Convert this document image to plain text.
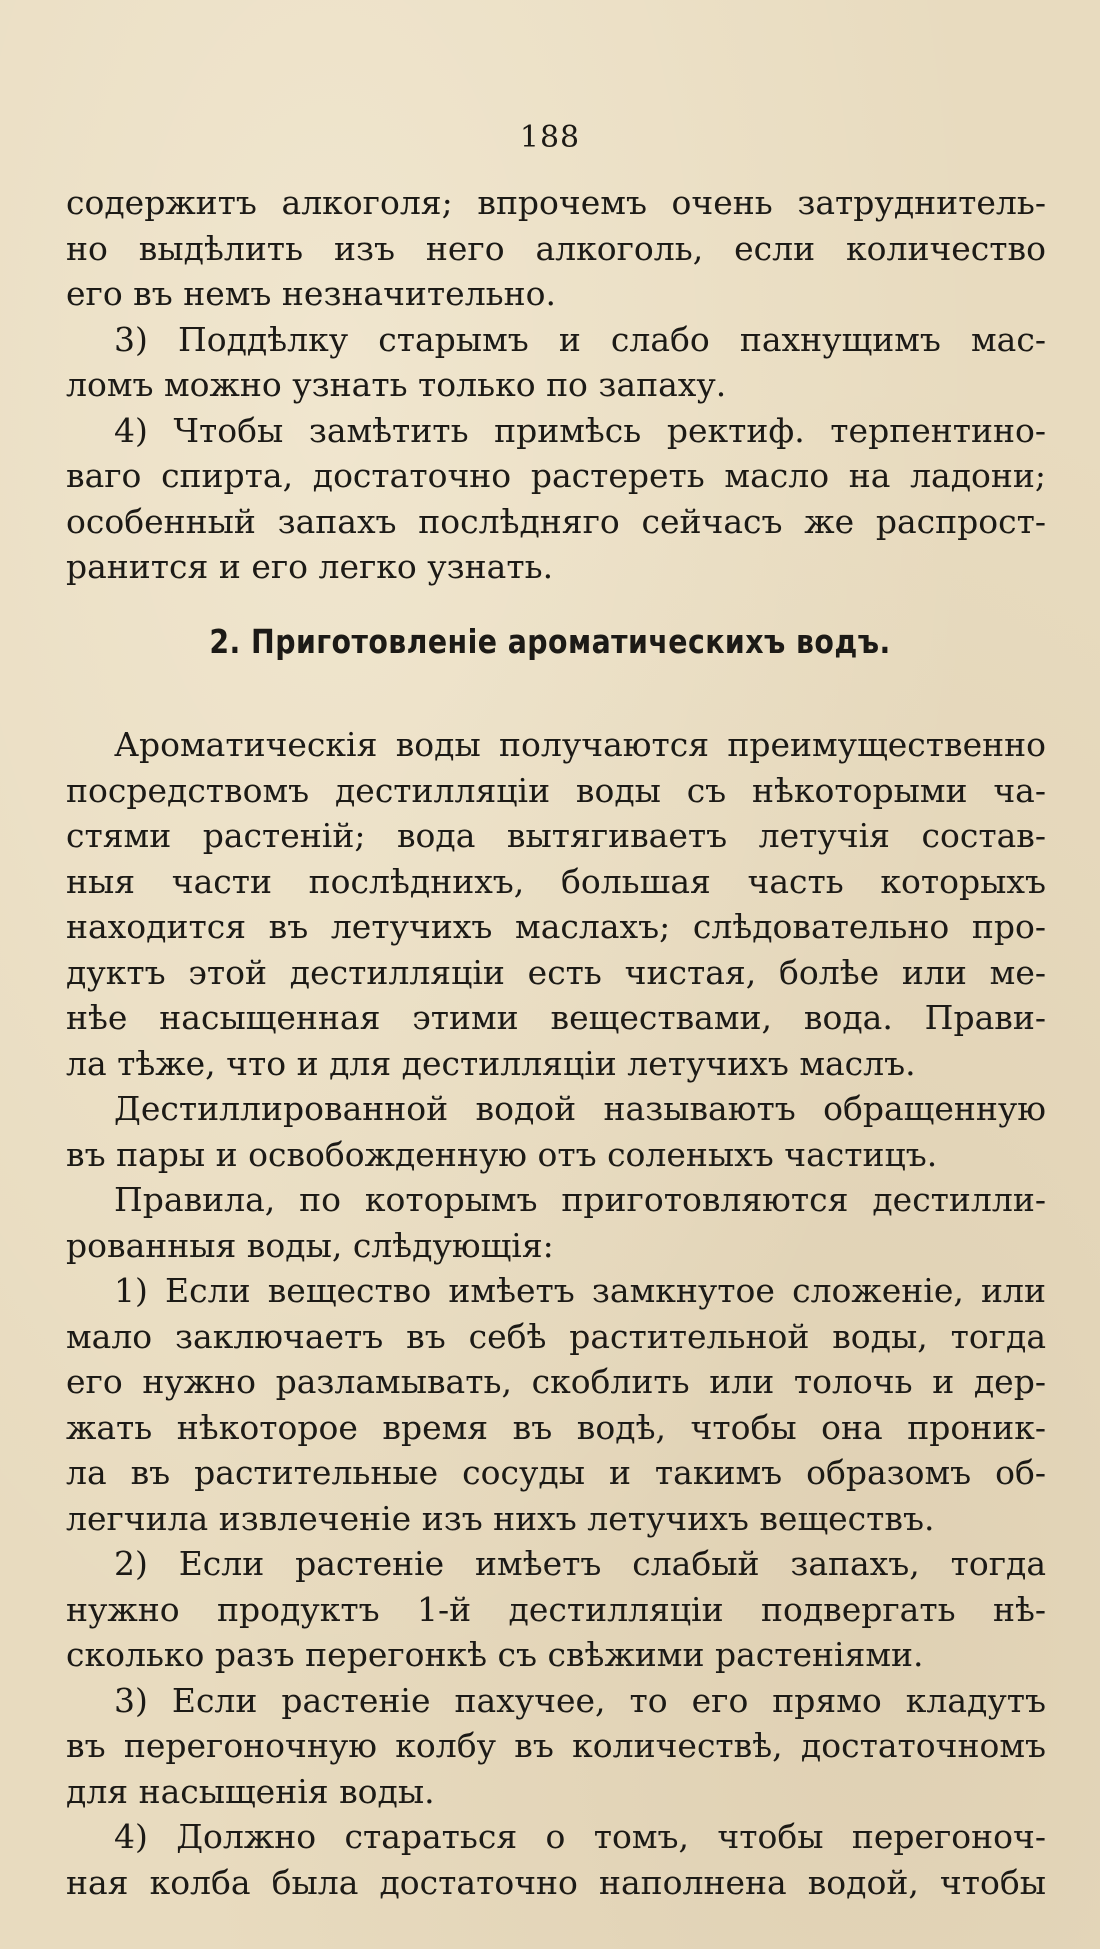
188
содержитъ алкоголя; впрочемъ очень затруднитель-
но выдѣлить изъ него алкоголь, если количество
его въ немъ незначительно.
3) Поддѣлку старымъ и слабо пахнущимъ мас-
ломъ можно узнать только по запаху.
4) Чтобы замѣтить примѣсь ректиф. терпентино-
ваго спирта, достаточно растереть масло на ладони;
особенный запахъ послѣдняго сейчасъ же распрост-
ранится и его легко узнать.
2. Приготовленіе ароматическихъ водъ.
Ароматическія воды получаются преимущественно
посредствомъ дестилляціи воды съ нѣкоторыми ча-
стями растеній; вода вытягиваетъ летучія состав-
ныя части послѣднихъ, большая часть которыхъ
находится въ летучихъ маслахъ; слѣдовательно про-
дуктъ этой дестилляціи есть чистая, болѣе или ме-
нѣе насыщенная этими веществами, вода. Прави-
ла тѣже, что и для дестилляціи летучихъ маслъ.
Дестиллированной водой называютъ обращенную
въ пары и освобожденную отъ соленыхъ частицъ.
Правила, по которымъ приготовляются дестилли-
рованныя воды, слѣдующія:
1) Если вещество имѣетъ замкнутое сложеніе, или
мало заключаетъ въ себѣ растительной воды, тогда
его нужно разламывать, скоблить или толочь и дер-
жать нѣкоторое время въ водѣ, чтобы она проник-
ла въ растительные сосуды и такимъ образомъ об-
легчила извлеченіе изъ нихъ летучихъ веществъ.
2) Если растеніе имѣетъ слабый запахъ, тогда
нужно продуктъ 1-й дестилляціи подвергать нѣ-
сколько разъ перегонкѣ съ свѣжими растеніями.
3) Если растеніе пахучее, то его прямо кладутъ
въ перегоночную колбу въ количествѣ, достаточномъ
для насыщенія воды.
4) Должно стараться о томъ, чтобы перегоноч-
ная колба была достаточно наполнена водой, чтобы
